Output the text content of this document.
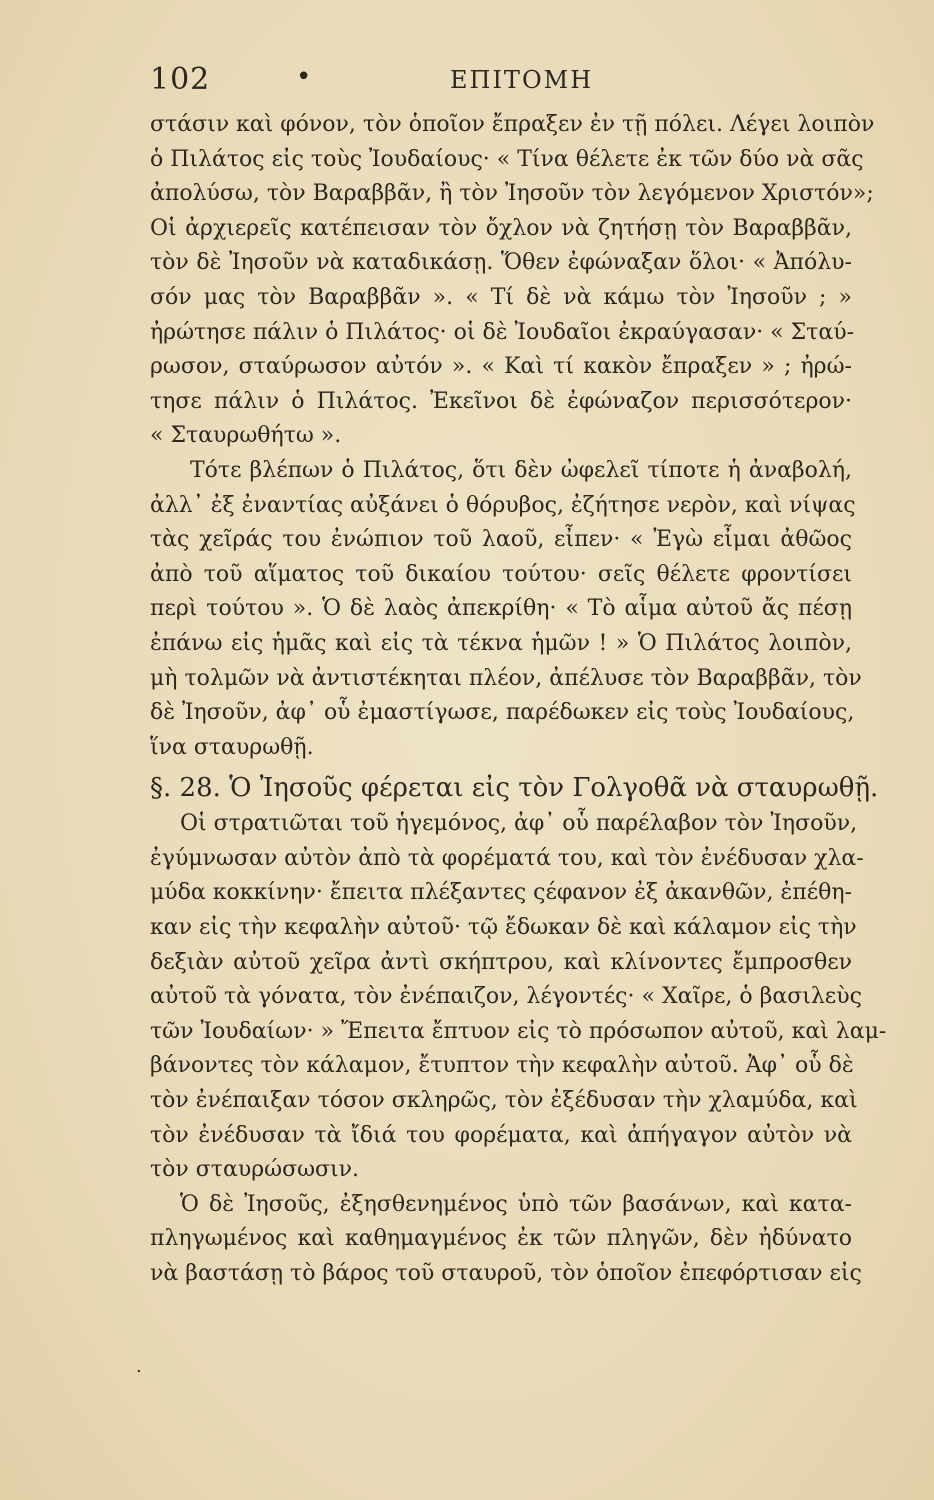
102	•	ΕΠΙΤΟΜΗ
στάσιν καὶ φόνον, τὸν ὁποῖον ἔπραξεν ἐν τῇ πόλει. Λέγει λοιπὸν
ὁ Πιλάτος εἰς τοὺς Ἰουδαίους· « Τίνα θέλετε ἐκ τῶν δύο νὰ σᾶς
ἀπολύσω, τὸν Βαραββᾶν, ἢ τὸν Ἰησοῦν τὸν λεγόμενον Χριστόν»;
Οἱ ἀρχιερεῖς κατέπεισαν τὸν ὄχλον νὰ ζητήσῃ τὸν Βαραββᾶν,
τὸν δὲ Ἰησοῦν νὰ καταδικάσῃ. Ὅθεν ἐφώναξαν ὅλοι· « Ἀπόλυ-
σόν μας τὸν Βαραββᾶν ». « Τί δὲ νὰ κάμω τὸν Ἰησοῦν ; »
ἠρώτησε πάλιν ὁ Πιλάτος· οἱ δὲ Ἰουδαῖοι ἐκραύγασαν· « Σταύ-
ρωσον, σταύρωσον αὐτόν ». « Καὶ τί κακὸν ἔπραξεν » ; ἠρώ-
τησε πάλιν ὁ Πιλάτος. Ἐκεῖνοι δὲ ἐφώναζον περισσότερον·
« Σταυρωθήτω ».
Τότε βλέπων ὁ Πιλάτος, ὅτι δὲν ὠφελεῖ τίποτε ἡ ἀναβολή,
ἀλλ᾽ ἐξ ἐναντίας αὐξάνει ὁ θόρυβος, ἐζήτησε νερὸν, καὶ νίψας
τὰς χεῖράς του ἐνώπιον τοῦ λαοῦ, εἶπεν· « Ἐγὼ εἶμαι ἀθῶος
ἀπὸ τοῦ αἵματος τοῦ δικαίου τούτου· σεῖς θέλετε φροντίσει
περὶ τούτου ». Ὁ δὲ λαὸς ἀπεκρίθη· « Τὸ αἷμα αὐτοῦ ἄς πέσῃ
ἐπάνω εἰς ἡμᾶς καὶ εἰς τὰ τέκνα ἡμῶν ! » Ὁ Πιλάτος λοιπὸν,
μὴ τολμῶν νὰ ἀντιστέκηται πλέον, ἀπέλυσε τὸν Βαραββᾶν, τὸν
δὲ Ἰησοῦν, ἀφ᾽ οὗ ἐμαστίγωσε, παρέδωκεν εἰς τοὺς Ἰουδαίους,
ἵνα σταυρωθῇ.
§. 28. Ὁ Ἰησοῦς φέρεται εἰς τὸν Γολγοθᾶ νὰ σταυρωθῇ.
Οἱ στρατιῶται τοῦ ἡγεμόνος, ἀφ᾽ οὗ παρέλαβον τὸν Ἰησοῦν,
ἐγύμνωσαν αὐτὸν ἀπὸ τὰ φορέματά του, καὶ τὸν ἐνέδυσαν χλα-
μύδα κοκκίνην· ἔπειτα πλέξαντες ςέφανον ἐξ ἀκανθῶν, ἐπέθη-
καν εἰς τὴν κεφαλὴν αὐτοῦ· τῷ ἔδωκαν δὲ καὶ κάλαμον εἰς τὴν
δεξιὰν αὐτοῦ χεῖρα ἀντὶ σκήπτρου, καὶ κλίνοντες ἔμπροσθεν
αὐτοῦ τὰ γόνατα, τὸν ἐνέπαιζον, λέγοντές· « Χαῖρε, ὁ βασιλεὺς
τῶν Ἰουδαίων· » Ἔπειτα ἔπτυον εἰς τὸ πρόσωπον αὐτοῦ, καὶ λαμ-
βάνοντες τὸν κάλαμον, ἔτυπτον τὴν κεφαλὴν αὐτοῦ. Ἀφ᾽ οὗ δὲ
τὸν ἐνέπαιξαν τόσον σκληρῶς, τὸν ἐξέδυσαν τὴν χλαμύδα, καὶ
τὸν ἐνέδυσαν τὰ ἴδιά του φορέματα, καὶ ἀπήγαγον αὐτὸν νὰ
τὸν σταυρώσωσιν.
Ὁ δὲ Ἰησοῦς, ἐξησθενημένος ὑπὸ τῶν βασάνων, καὶ κατα-
πληγωμένος καὶ καθημαγμένος ἐκ τῶν πληγῶν, δὲν ἠδύνατο
νὰ βαστάσῃ τὸ βάρος τοῦ σταυροῦ, τὸν ὁποῖον ἐπεφόρτισαν εἰς
.
